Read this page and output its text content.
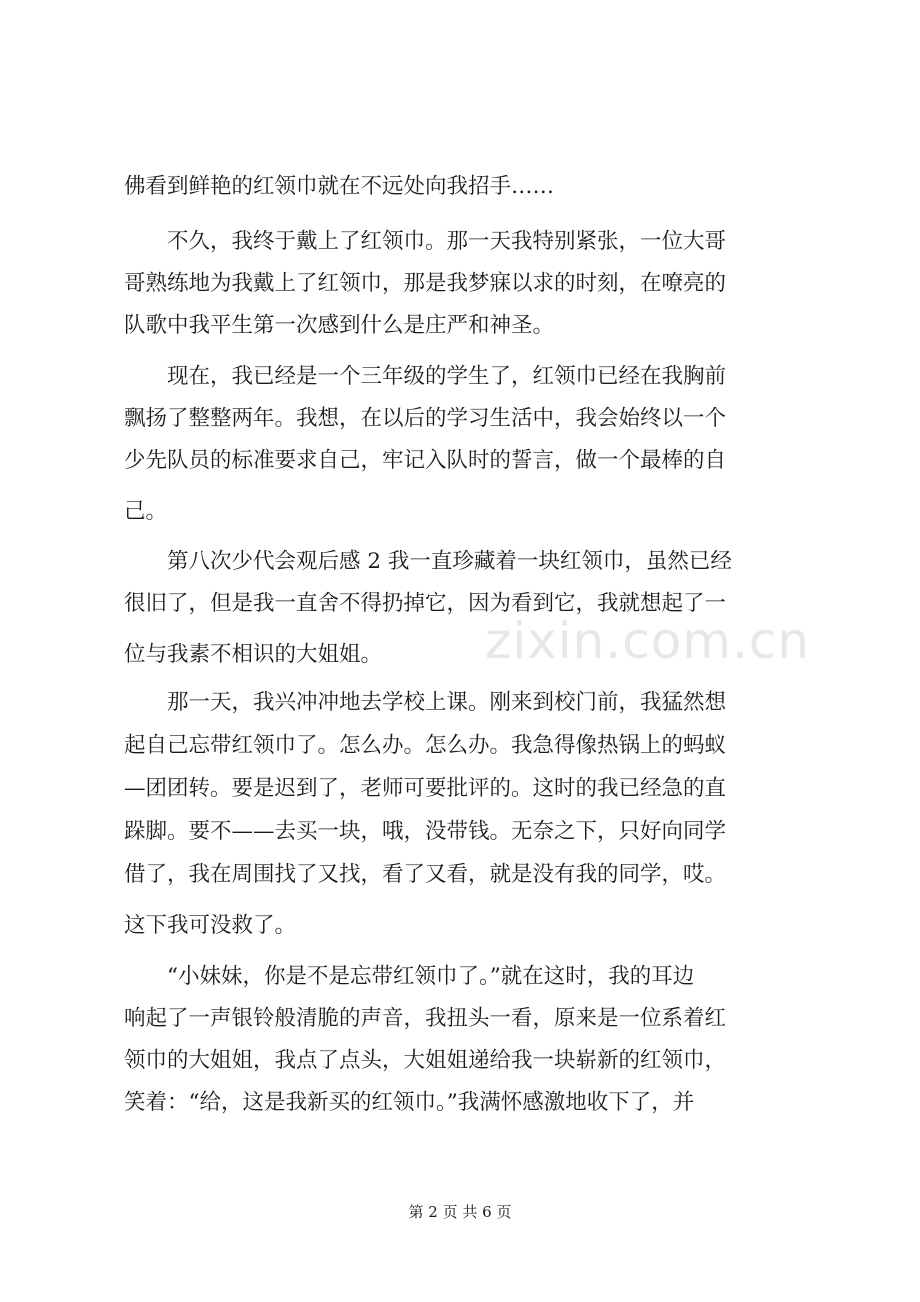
佛看到鲜艳的红领巾就在不远处向我招手……
　　不久，我终于戴上了红领巾。那一天我特别紧张，一位大哥
哥熟练地为我戴上了红领巾，那是我梦寐以求的时刻，在嘹亮的
队歌中我平生第一次感到什么是庄严和神圣。
　　现在，我已经是一个三年级的学生了，红领巾已经在我胸前
飘扬了整整两年。我想，在以后的学习生活中，我会始终以一个
少先队员的标准要求自己，牢记入队时的誓言，做一个最棒的自
己。
　　第八次少代会观后感 2 我一直珍藏着一块红领巾，虽然已经
很旧了，但是我一直舍不得扔掉它，因为看到它，我就想起了一
位与我素不相识的大姐姐。
　　那一天，我兴冲冲地去学校上课。刚来到校门前，我猛然想
起自己忘带红领巾了。怎么办。怎么办。我急得像热锅上的蚂蚁
—团团转。要是迟到了，老师可要批评的。这时的我已经急的直
跺脚。要不——去买一块，哦，没带钱。无奈之下，只好向同学
借了，我在周围找了又找，看了又看，就是没有我的同学，哎。
这下我可没救了。
　　“小妹妹，你是不是忘带红领巾了。”就在这时，我的耳边
响起了一声银铃般清脆的声音，我扭头一看，原来是一位系着红
领巾的大姐姐，我点了点头，大姐姐递给我一块崭新的红领巾，
笑着：“给，这是我新买的红领巾。”我满怀感激地收下了，并
zixin.com.cn
第 2 页 共 6 页
